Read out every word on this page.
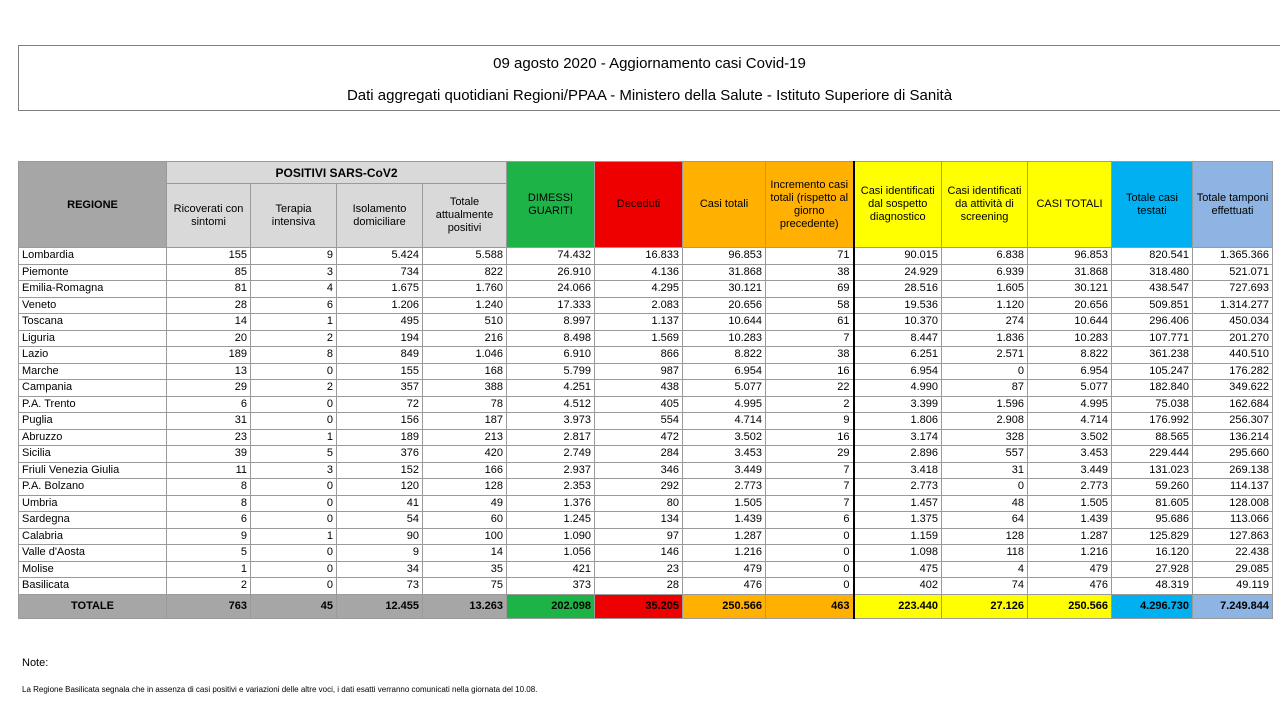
09 agosto 2020 - Aggiornamento casi Covid-19
Dati aggregati quotidiani Regioni/PPAA - Ministero della Salute - Istituto Superiore di Sanità
REGIONE	POSITIVI SARS-CoV2				DIMESSI GUARITI	Deceduti	Casi totali	Incremento casi totali (rispetto al giorno precedente)	Casi identificati dal sospetto diagnostico	Casi identificati da attività di screening	CASI TOTALI	Totale casi testati	Totale tamponi effettuati
	Ricoverati con sintomi	Terapia intensiva	Isolamento domiciliare	Totale attualmente positivi									
Lombardia	155	9	5.424	5.588	74.432	16.833	96.853	71	90.015	6.838	96.853	820.541	1.365.366
Piemonte	85	3	734	822	26.910	4.136	31.868	38	24.929	6.939	31.868	318.480	521.071
Emilia-Romagna	81	4	1.675	1.760	24.066	4.295	30.121	69	28.516	1.605	30.121	438.547	727.693
Veneto	28	6	1.206	1.240	17.333	2.083	20.656	58	19.536	1.120	20.656	509.851	1.314.277
Toscana	14	1	495	510	8.997	1.137	10.644	61	10.370	274	10.644	296.406	450.034
Liguria	20	2	194	216	8.498	1.569	10.283	7	8.447	1.836	10.283	107.771	201.270
Lazio	189	8	849	1.046	6.910	866	8.822	38	6.251	2.571	8.822	361.238	440.510
Marche	13	0	155	168	5.799	987	6.954	16	6.954	0	6.954	105.247	176.282
Campania	29	2	357	388	4.251	438	5.077	22	4.990	87	5.077	182.840	349.622
P.A. Trento	6	0	72	78	4.512	405	4.995	2	3.399	1.596	4.995	75.038	162.684
Puglia	31	0	156	187	3.973	554	4.714	9	1.806	2.908	4.714	176.992	256.307
Abruzzo	23	1	189	213	2.817	472	3.502	16	3.174	328	3.502	88.565	136.214
Sicilia	39	5	376	420	2.749	284	3.453	29	2.896	557	3.453	229.444	295.660
Friuli Venezia Giulia	11	3	152	166	2.937	346	3.449	7	3.418	31	3.449	131.023	269.138
P.A. Bolzano	8	0	120	128	2.353	292	2.773	7	2.773	0	2.773	59.260	114.137
Umbria	8	0	41	49	1.376	80	1.505	7	1.457	48	1.505	81.605	128.008
Sardegna	6	0	54	60	1.245	134	1.439	6	1.375	64	1.439	95.686	113.066
Calabria	9	1	90	100	1.090	97	1.287	0	1.159	128	1.287	125.829	127.863
Valle d'Aosta	5	0	9	14	1.056	146	1.216	0	1.098	118	1.216	16.120	22.438
Molise	1	0	34	35	421	23	479	0	475	4	479	27.928	29.085
Basilicata	2	0	73	75	373	28	476	0	402	74	476	48.319	49.119
TOTALE	763	45	12.455	13.263	202.098	35.205	250.566	463	223.440	27.126	250.566	4.296.730	7.249.844
Note:
La Regione Basilicata segnala che in assenza di casi positivi e variazioni delle altre voci, i dati esatti verranno comunicati nella giornata del 10.08.
